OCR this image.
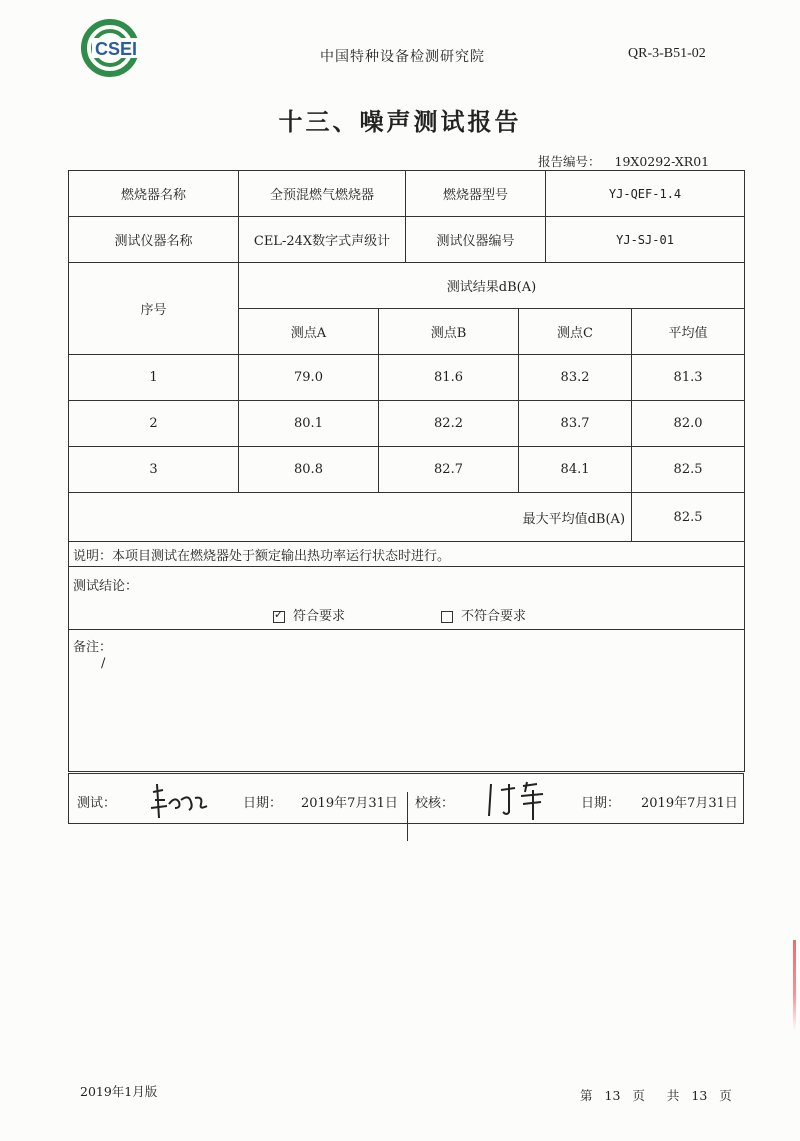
CSEI	中国特种设备检测研究院	QR-3-B51-02
十三、噪声测试报告
报告编号： 19X0292-XR01
燃烧器名称	全预混燃气燃烧器		燃烧器型号		YJ-QEF-1.4	
测试仪器名称	CEL-24X数字式声级计		测试仪器编号		YJ-SJ-01	
序号	测试结果dB(A)					
	测点A	测点B		测点C		平均值
1	79.0	81.6		83.2		81.3
2	80.1	82.2		83.7		82.0
3	80.8	82.7		84.1		82.5
最大平均值dB(A)						82.5
说明：本项目测试在燃烧器处于额定输出热功率运行状态时进行。						

测试结论：
✓符合要求 不符合要求

备注：
/						
测试：	日期： 2019年7月31日 校核：	日期： 2019年7月31日
2019年1月版	第 13 页 共 13 页
